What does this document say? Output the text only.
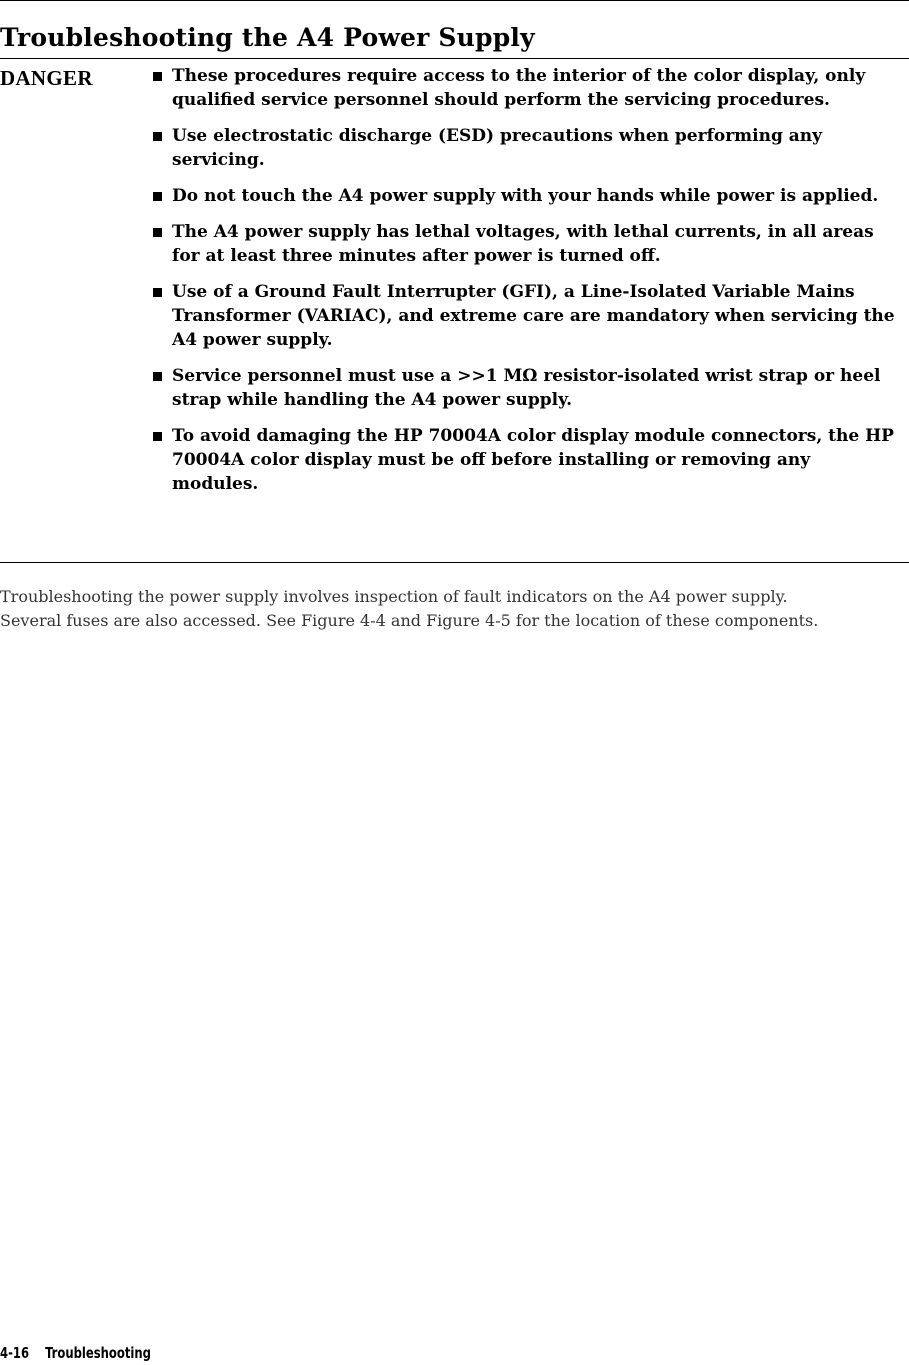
Troubleshooting the A4 Power Supply
DANGER	These procedures require access to the interior of the color display, only qualified service personnel should perform the servicing procedures.
Use electrostatic discharge (ESD) precautions when performing any servicing.
Do not touch the A4 power supply with your hands while power is applied.
The A4 power supply has lethal voltages, with lethal currents, in all areas for at least three minutes after power is turned off.
Use of a Ground Fault Interrupter (GFI), a Line-Isolated Variable Mains Transformer (VARIAC), and extreme care are mandatory when servicing the A4 power supply.
Service personnel must use a >>1 MΩ resistor-isolated wrist strap or heel strap while handling the A4 power supply.
To avoid damaging the HP 70004A color display module connectors, the HP 70004A color display must be off before installing or removing any modules.

Troubleshooting the power supply involves inspection of fault indicators on the A4 power supply. Several fuses are also accessed. See Figure 4-4 and Figure 4-5 for the location of these components.

4-16 Troubleshooting
